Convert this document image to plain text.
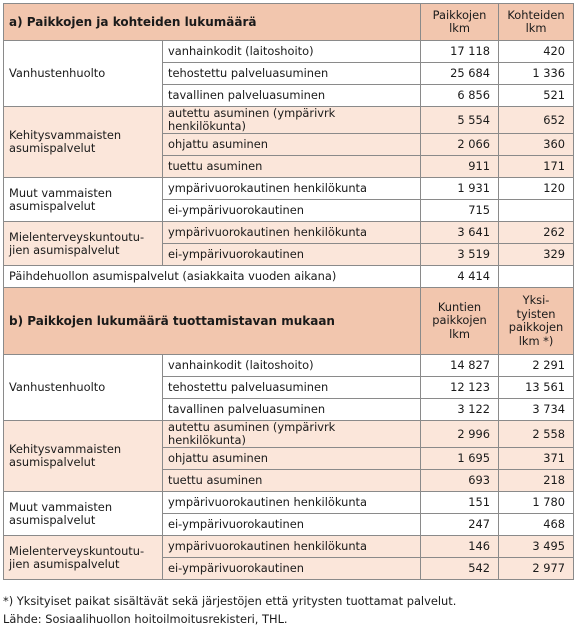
a) Paikkojen ja kohteiden lukumäärä		Paikkojen lkm	Kohteiden lkm
Vanhustenhuolto	vanhainkodit (laitoshoito)	17 118	420
	tehostettu palveluasuminen	25 684	1 336
	tavallinen palveluasuminen	6 856	521
Kehitysvammaisten asumispalvelut	autettu asuminen (ympärivrk henkilökunta)	5 554	652
	ohjattu asuminen	2 066	360
	tuettu asuminen	911	171
Muut vammaisten asumispalvelut	ympärivuorokautinen henkilökunta	1 931	120
	ei-ympärivuorokautinen	715	
Mielenterveyskuntoutu-jien asumispalvelut	ympärivuorokautinen henkilökunta	3 641	262
	ei-ympärivuorokautinen	3 519	329
Päihdehuollon asumispalvelut (asiakkaita vuoden aikana)		4 414	
b) Paikkojen lukumäärä tuottamistavan mukaan		Kuntien paikkojen lkm	Yksi-tyisten paikkojen lkm *)
Vanhustenhuolto	vanhainkodit (laitoshoito)	14 827	2 291
	tehostettu palveluasuminen	12 123	13 561
	tavallinen palveluasuminen	3 122	3 734
Kehitysvammaisten asumispalvelut	autettu asuminen (ympärivrk henkilökunta)	2 996	2 558
	ohjattu asuminen	1 695	371
	tuettu asuminen	693	218
Muut vammaisten asumispalvelut	ympärivuorokautinen henkilökunta	151	1 780
	ei-ympärivuorokautinen	247	468
Mielenterveyskuntoutu-jien asumispalvelut	ympärivuorokautinen henkilökunta	146	3 495
	ei-ympärivuorokautinen	542	2 977
*) Yksityiset paikat sisältävät sekä järjestöjen että yritysten tuottamat palvelut.
Lähde: Sosiaalihuollon hoitoilmoitusrekisteri, THL.
